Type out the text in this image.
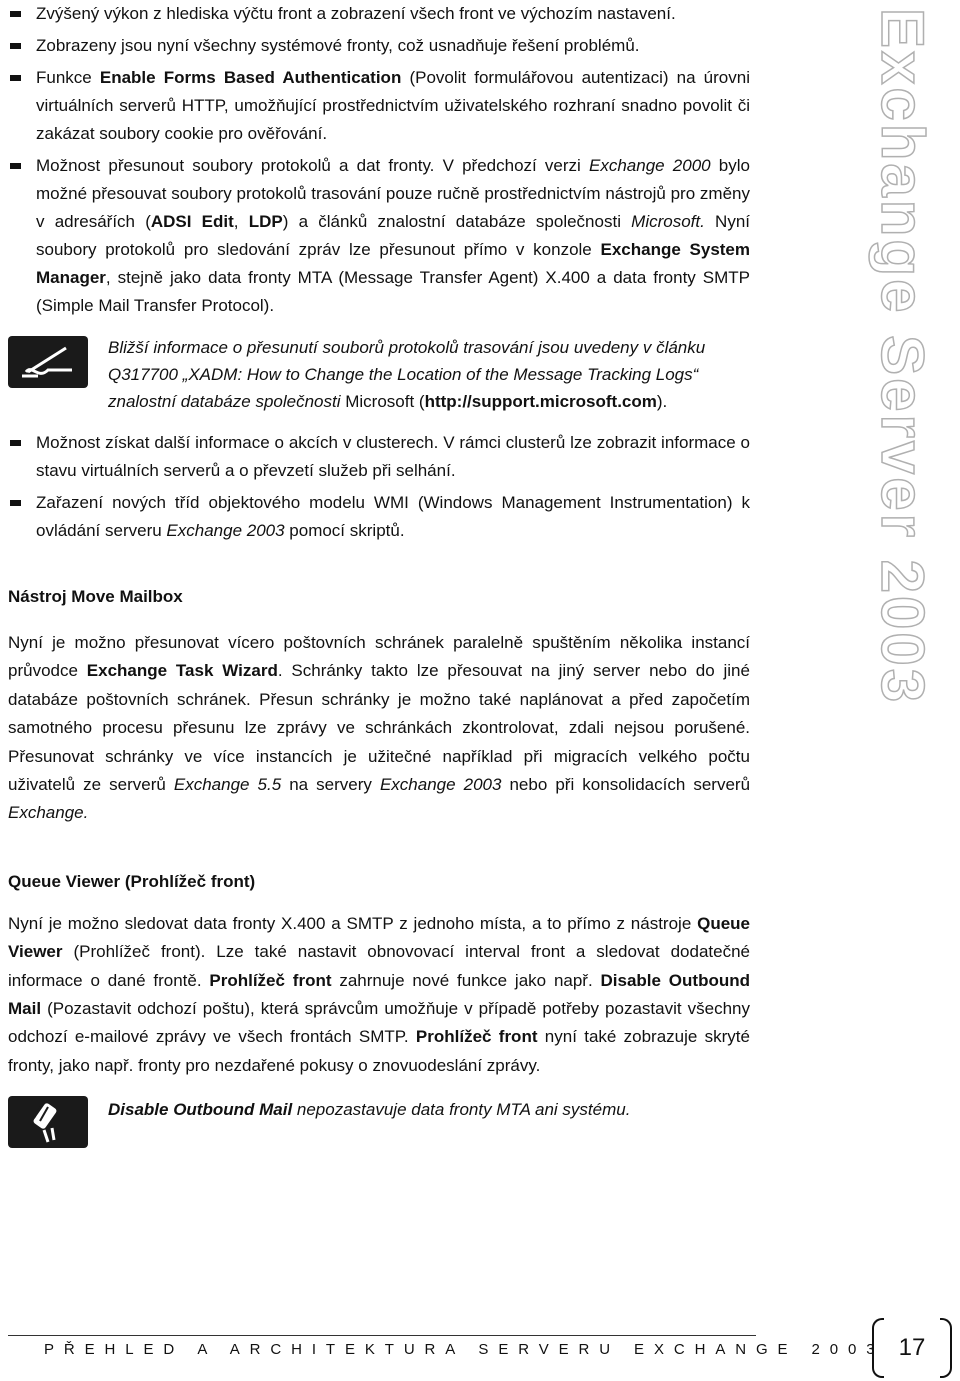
Zvýšený výkon z hlediska výčtu front a zobrazení všech front ve výchozím nastavení.
Zobrazeny jsou nyní všechny systémové fronty, což usnadňuje řešení problémů.
Funkce Enable Forms Based Authentication (Povolit formulářovou autentizaci) na úrovni virtuálních serverů HTTP, umožňující prostřednictvím uživatelského rozhraní snadno povolit či zakázat soubory cookie pro ověřování.
Možnost přesunout soubory protokolů a dat fronty. V předchozí verzi Exchange 2000 bylo možné přesouvat soubory protokolů trasování pouze ručně prostřednictvím nástrojů pro změny v adresářích (ADSI Edit, LDP) a článků znalostní databáze společnosti Microsoft. Nyní soubory protokolů pro sledování zpráv lze přesunout přímo v konzole Exchange System Manager, stejně jako data fronty MTA (Message Transfer Agent) X.400 a data fronty SMTP (Simple Mail Transfer Protocol).
Bližší informace o přesunutí souborů protokolů trasování jsou uvedeny v článku Q317700 „XADM: How to Change the Location of the Message Tracking Logs“ znalostní databáze společnosti Microsoft (http://support.microsoft.com).
Možnost získat další informace o akcích v clusterech. V rámci clusterů lze zobrazit informace o stavu virtuálních serverů a o převzetí služeb při selhání.
Zařazení nových tříd objektového modelu WMI (Windows Management Instrumentation) k ovládání serveru Exchange 2003 pomocí skriptů.
Nástroj Move Mailbox

Nyní je možno přesunovat vícero poštovních schránek paralelně spuštěním několika instancí průvodce Exchange Task Wizard. Schránky takto lze přesouvat na jiný server nebo do jiné databáze poštovních schránek. Přesun schránky je možno také naplánovat a před započetím samotného procesu přesunu lze zprávy ve schránkách zkontrolovat, zdali nejsou porušené. Přesunovat schránky ve více instancích je užitečné například při migracích velkého počtu uživatelů ze serverů Exchange 5.5 na servery Exchange 2003 nebo při konsolidacích serverů Exchange.

Queue Viewer (Prohlížeč front)

Nyní je možno sledovat data fronty X.400 a SMTP z jednoho místa, a to přímo z nástroje Queue Viewer (Prohlížeč front). Lze také nastavit obnovovací interval front a sledovat dodatečné informace o dané frontě. Prohlížeč front zahrnuje nové funkce jako např. Disable Outbound Mail (Pozastavit odchozí poštu), která správcům umožňuje v případě potřeby pozastavit všechny odchozí e-mailové zprávy ve všech frontách SMTP. Prohlížeč front nyní také zobrazuje skryté fronty, jako např. fronty pro nezdařené pokusy o znovuodeslání zprávy.

Disable Outbound Mail nepozastavuje data fronty MTA ani systému.
Exchange Server 2003
PŘEHLED A ARCHITEKTURA SERVERU EXCHANGE 2003 17
